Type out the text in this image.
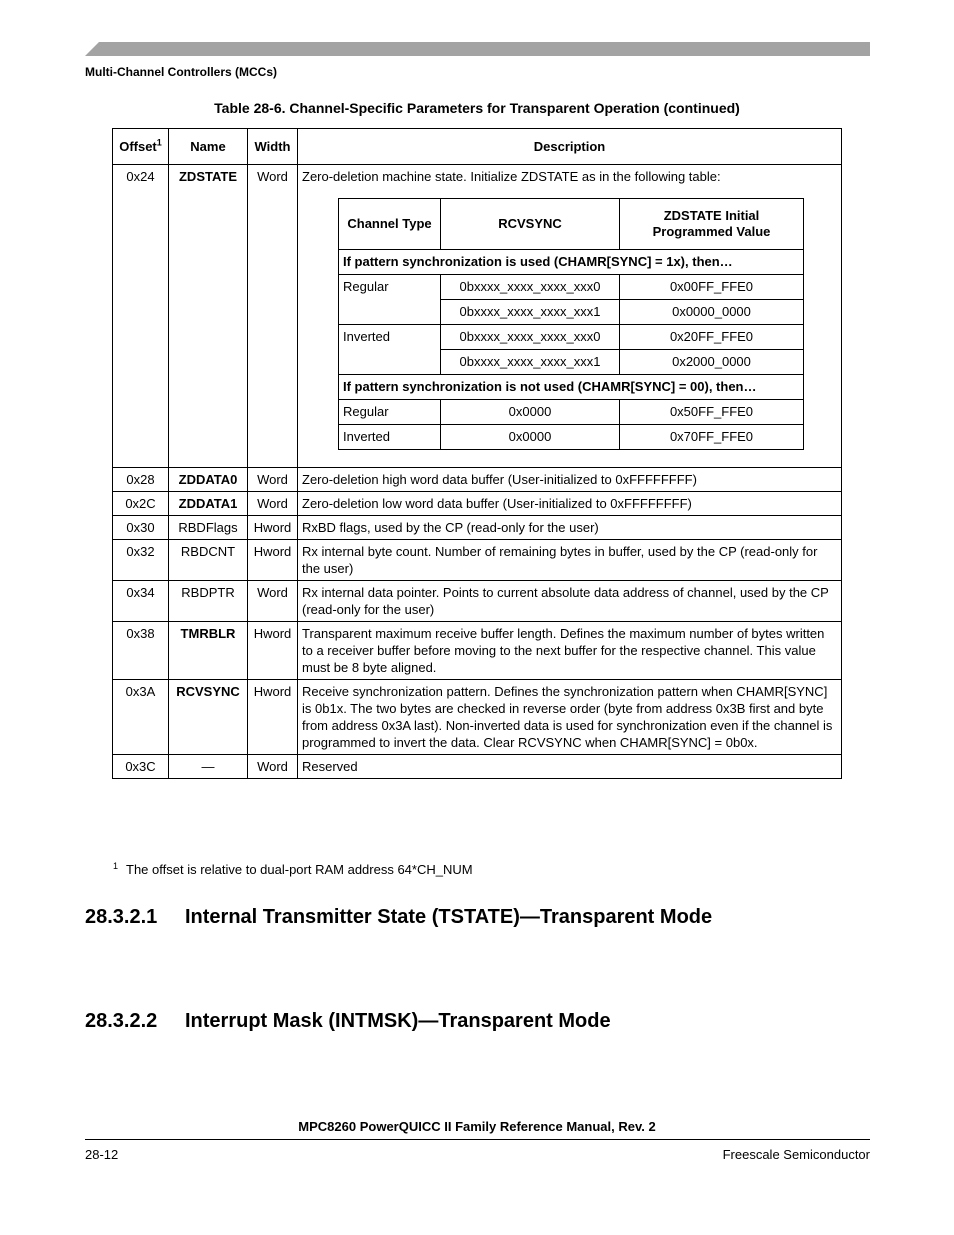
Multi-Channel Controllers (MCCs)
Table 28-6. Channel-Specific Parameters for Transparent Operation (continued)
Offset$^1$	Name	Width	Description
0x24	ZDSTATE	Word	Zero-deletion machine state. Initialize ZDSTATE as in the following table:
Channel Type	RCVSYNC	ZDSTATE Initial Programmed Value
If pattern synchronization is used (CHAMR[SYNC] = 1x), then…
Regular	0bxxxx_xxxx_xxxx_xxx0	0x00FF_FFE0
0bxxxx_xxxx_xxxx_xxx1	0x0000_0000
Inverted	0bxxxx_xxxx_xxxx_xxx0	0x20FF_FFE0
0bxxxx_xxxx_xxxx_xxx1	0x2000_0000
If pattern synchronization is not used (CHAMR[SYNC] = 00), then…
Regular	0x0000	0x50FF_FFE0
Inverted	0x0000	0x70FF_FFE0

0x28	ZDDATA0	Word	Zero-deletion high word data buffer (User-initialized to 0xFFFFFFFF)
0x2C	ZDDATA1	Word	Zero-deletion low word data buffer (User-initialized to 0xFFFFFFFF)
0x30	RBDFlags	Hword	RxBD flags, used by the CP (read-only for the user)
0x32	RBDCNT	Hword	Rx internal byte count. Number of remaining bytes in buffer, used by the CP (read-only for the user)
0x34	RBDPTR	Word	Rx internal data pointer. Points to current absolute data address of channel, used by the CP (read-only for the user)
0x38	TMRBLR	Hword	Transparent maximum receive buffer length. Defines the maximum number of bytes written to a receiver buffer before moving to the next buffer for the respective channel. This value must be 8 byte aligned.
0x3A	RCVSYNC	Hword	Receive synchronization pattern. Defines the synchronization pattern when CHAMR[SYNC] is 0b1x. The two bytes are checked in reverse order (byte from address 0x3B first and byte from address 0x3A last). Non-inverted data is used for synchronization even if the channel is programmed to invert the data. Clear RCVSYNC when CHAMR[SYNC] = 0b0x.
0x3C	—	Word	Reserved
$^1$ The offset is relative to dual-port RAM address 64*CH_NUM
28.3.2.1 Internal Transmitter State (TSTATE)—Transparent Mode
28.3.2.2 Interrupt Mask (INTMSK)—Transparent Mode
MPC8260 PowerQUICC II Family Reference Manual, Rev. 2
28-12	Freescale Semiconductor
